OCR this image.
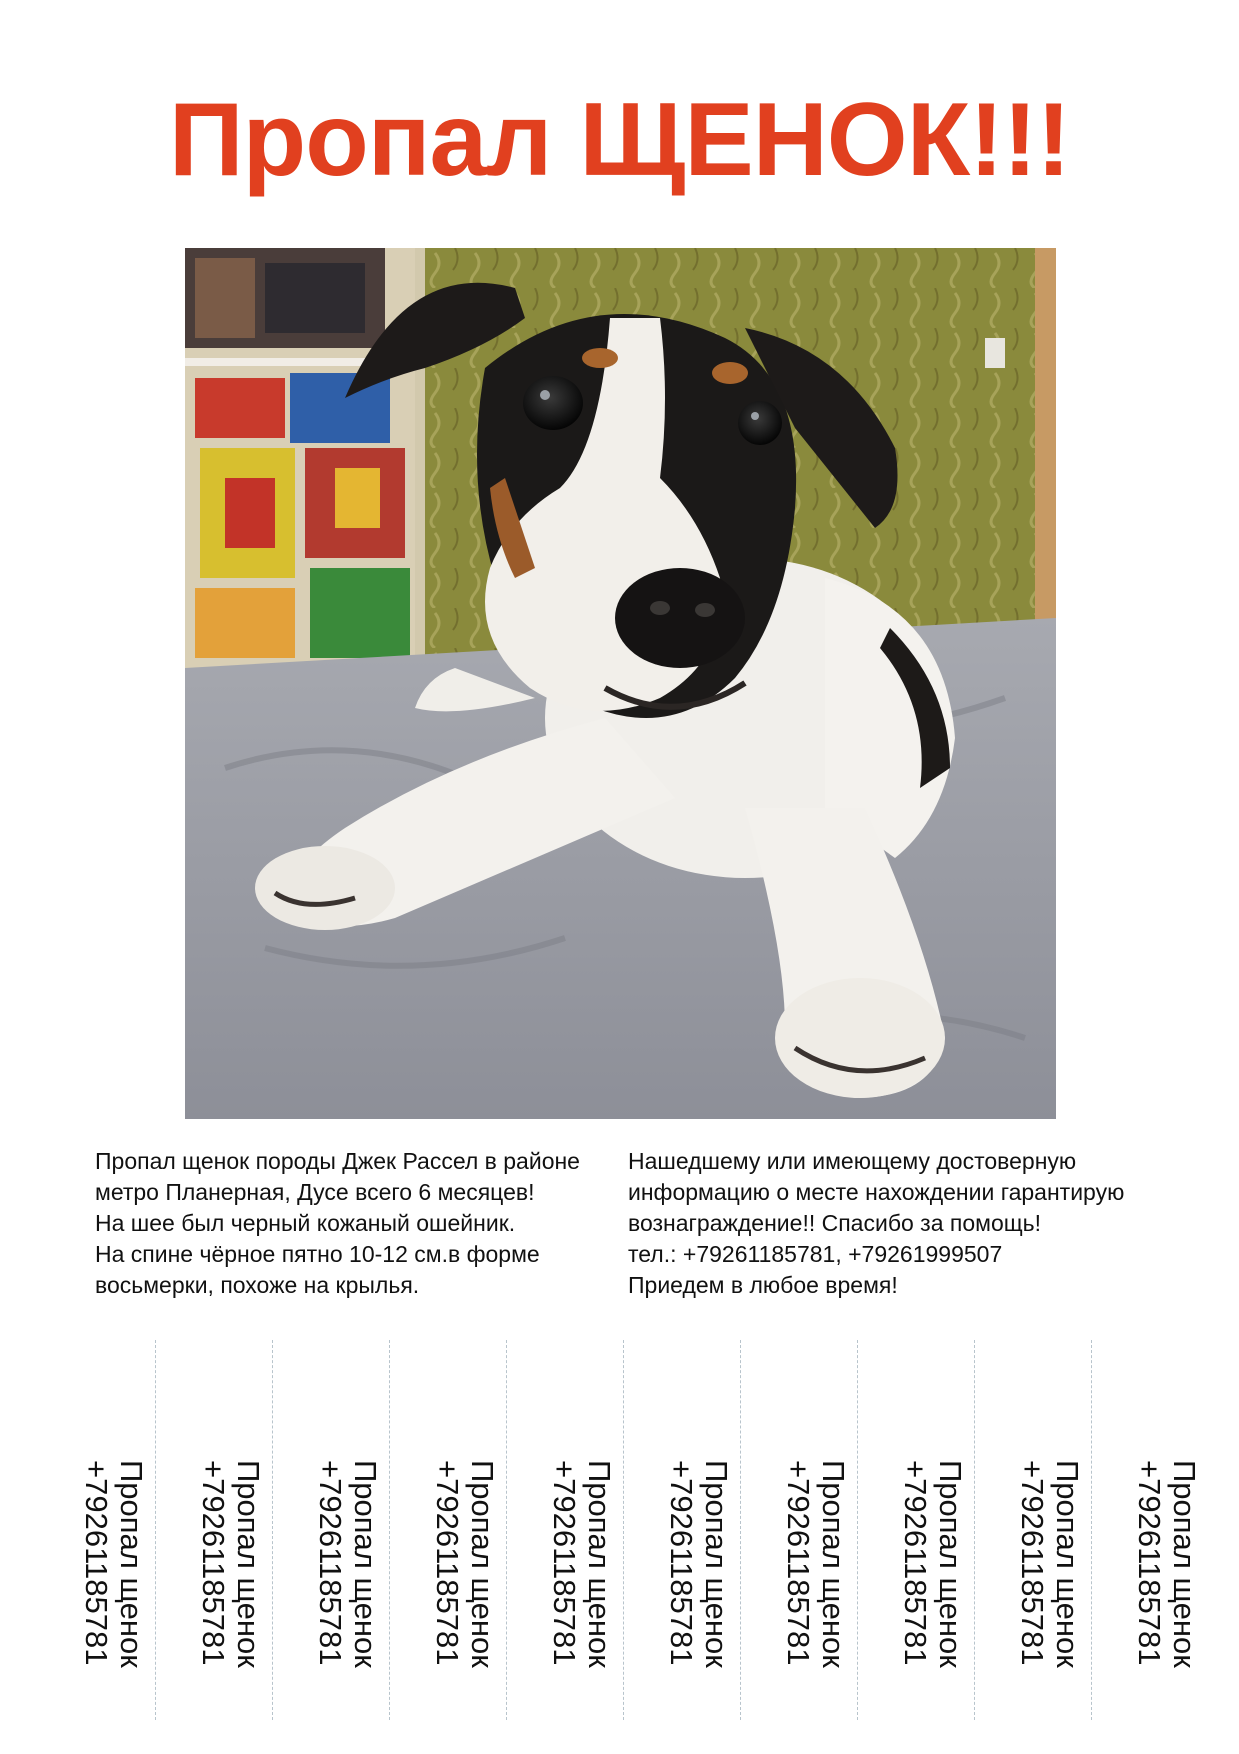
Пропал ЩЕНОК!!!

Пропал щенок породы Джек Рассел в районе метро Планерная, Дусе всего 6 месяцев!

На шее был черный кожаный ошейник.

На спине чёрное пятно 10-12 см.в форме восьмерки, похоже на крылья.

Нашедшему или имеющему достоверную информацию о месте нахождении гарантирую вознаграждение!! Спасибо за помощь!

тел.: +79261185781, +79261999507

Приедем в любое время!

Пропал щенок
+79261185781	Пропал щенок
+79261185781	Пропал щенок
+79261185781	Пропал щенок
+79261185781	Пропал щенок
+79261185781	Пропал щенок
+79261185781	Пропал щенок
+79261185781	Пропал щенок
+79261185781	Пропал щенок
+79261185781	Пропал щенок
+79261185781
